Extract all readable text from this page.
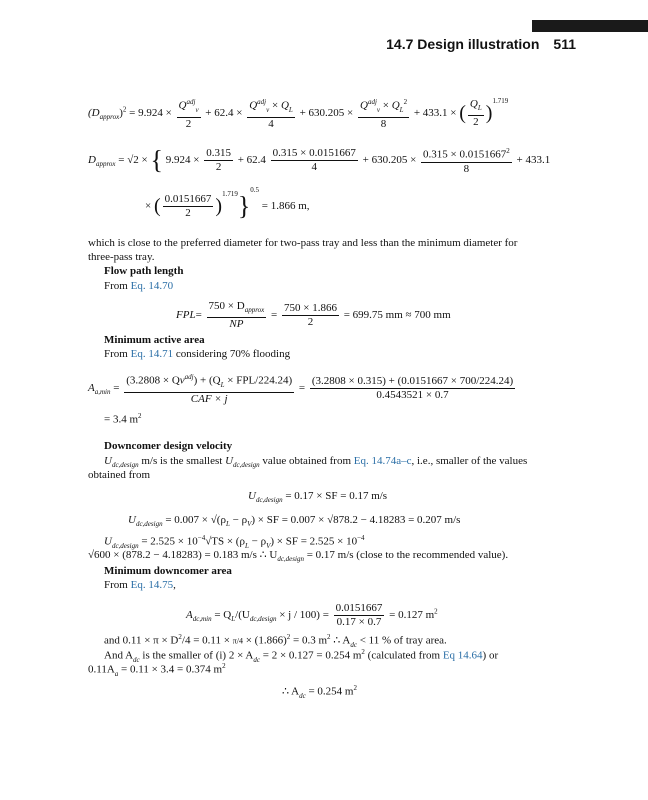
14.7 Design illustration 511
$(D_{approx})^2 = 9.924 \times \frac{Q^{adj}_v}{2} + 62.4 \times \frac{Q^{adj}_v \times Q_L}{4} + 630.205 \times \frac{Q^{adj}_v \times Q_L^2}{8} + 433.1$ × ( $\frac{Q_L}{2} )^{1.719}$
$D_{approx} = √2$ × { $9.924 \times \frac{0.315}{2} + 62.4 \frac{0.315 \times 0.0151667}{4} + 630.205 \times \frac{0.315 \times 0.0151667^2}{8} + 433.1$
× ( $\frac{0.0151667}{2} )^{1.719}\}^{0.5} = 1.866$ m,
which is close to the preferred diameter for two-pass tray and less than the minimum diameter for
three-pass tray.
Flow path length
From Eq. 14.70
$FPL= \frac{750 \times D_{approx}}{NP} = \frac{750 \times 1.866}{2} = 699.75$ mm ≈ 700 mm
Minimum active area
From Eq. 14.71 considering 70% flooding
$A_{a,min} = \frac{(3.2808 \times Qv^{adj}) + (Q_L \times FPL/224.24)}{\text{CAF × j}} = \frac{(3.2808 \times 0.315) + (0.0151667 \times 700/224.24)}{0.4543521 \times 0.7}$
= 3.4 $m^2$
Downcomer design velocity
$U_{dc,design}$ m/s is the smallest $U_{dc,design}$ value obtained from Eq. 14.74a–c, i.e., smaller of the values
obtained from
$U_{dc,design} = 0.17$ × SF = 0.17 m/s
$U_{dc,design} = 0.007 \times √(\rho_L - \rho_V)$ × SF = 0.007 × √878.2 − 4.18283 = 0.207 m/s
$U_{dc,design} = 2.525 \times 10^{-4}√TS \times (\rho_L - \rho_V)$ × SF = $2.525 \times 10^{-4}$
√600 × (878.2 − 4.18283) = 0.183 m/s ∴ $U_{dc,design} = 0.17$ m/s (close to the recommended value).
Minimum downcomer area
From Eq. 14.75,
$A_{dc,min} = Q_L/(U_{dc,design} \times j / 100) = \frac{0.0151667}{0.17 \times 0.7} = 0.127$ $m^2$
and $0.11 \times \pi \times D^2/4 = 0.11 \times \pi/4 \times (1.866)^2 = 0.3$ $m^2$ ∴ $A_{dc} < 11$ % of tray area.
And $A_{dc}$ is the smaller of (i) $2 \times A_{dc} = 2 \times 0.127 = 0.254$ $m^2$ (calculated from Eq 14.64) or
$0.11A_a = 0.11 \times 3.4 = 0.374$ $m^2$
∴ $A_{dc} = 0.254$ $m^2$
